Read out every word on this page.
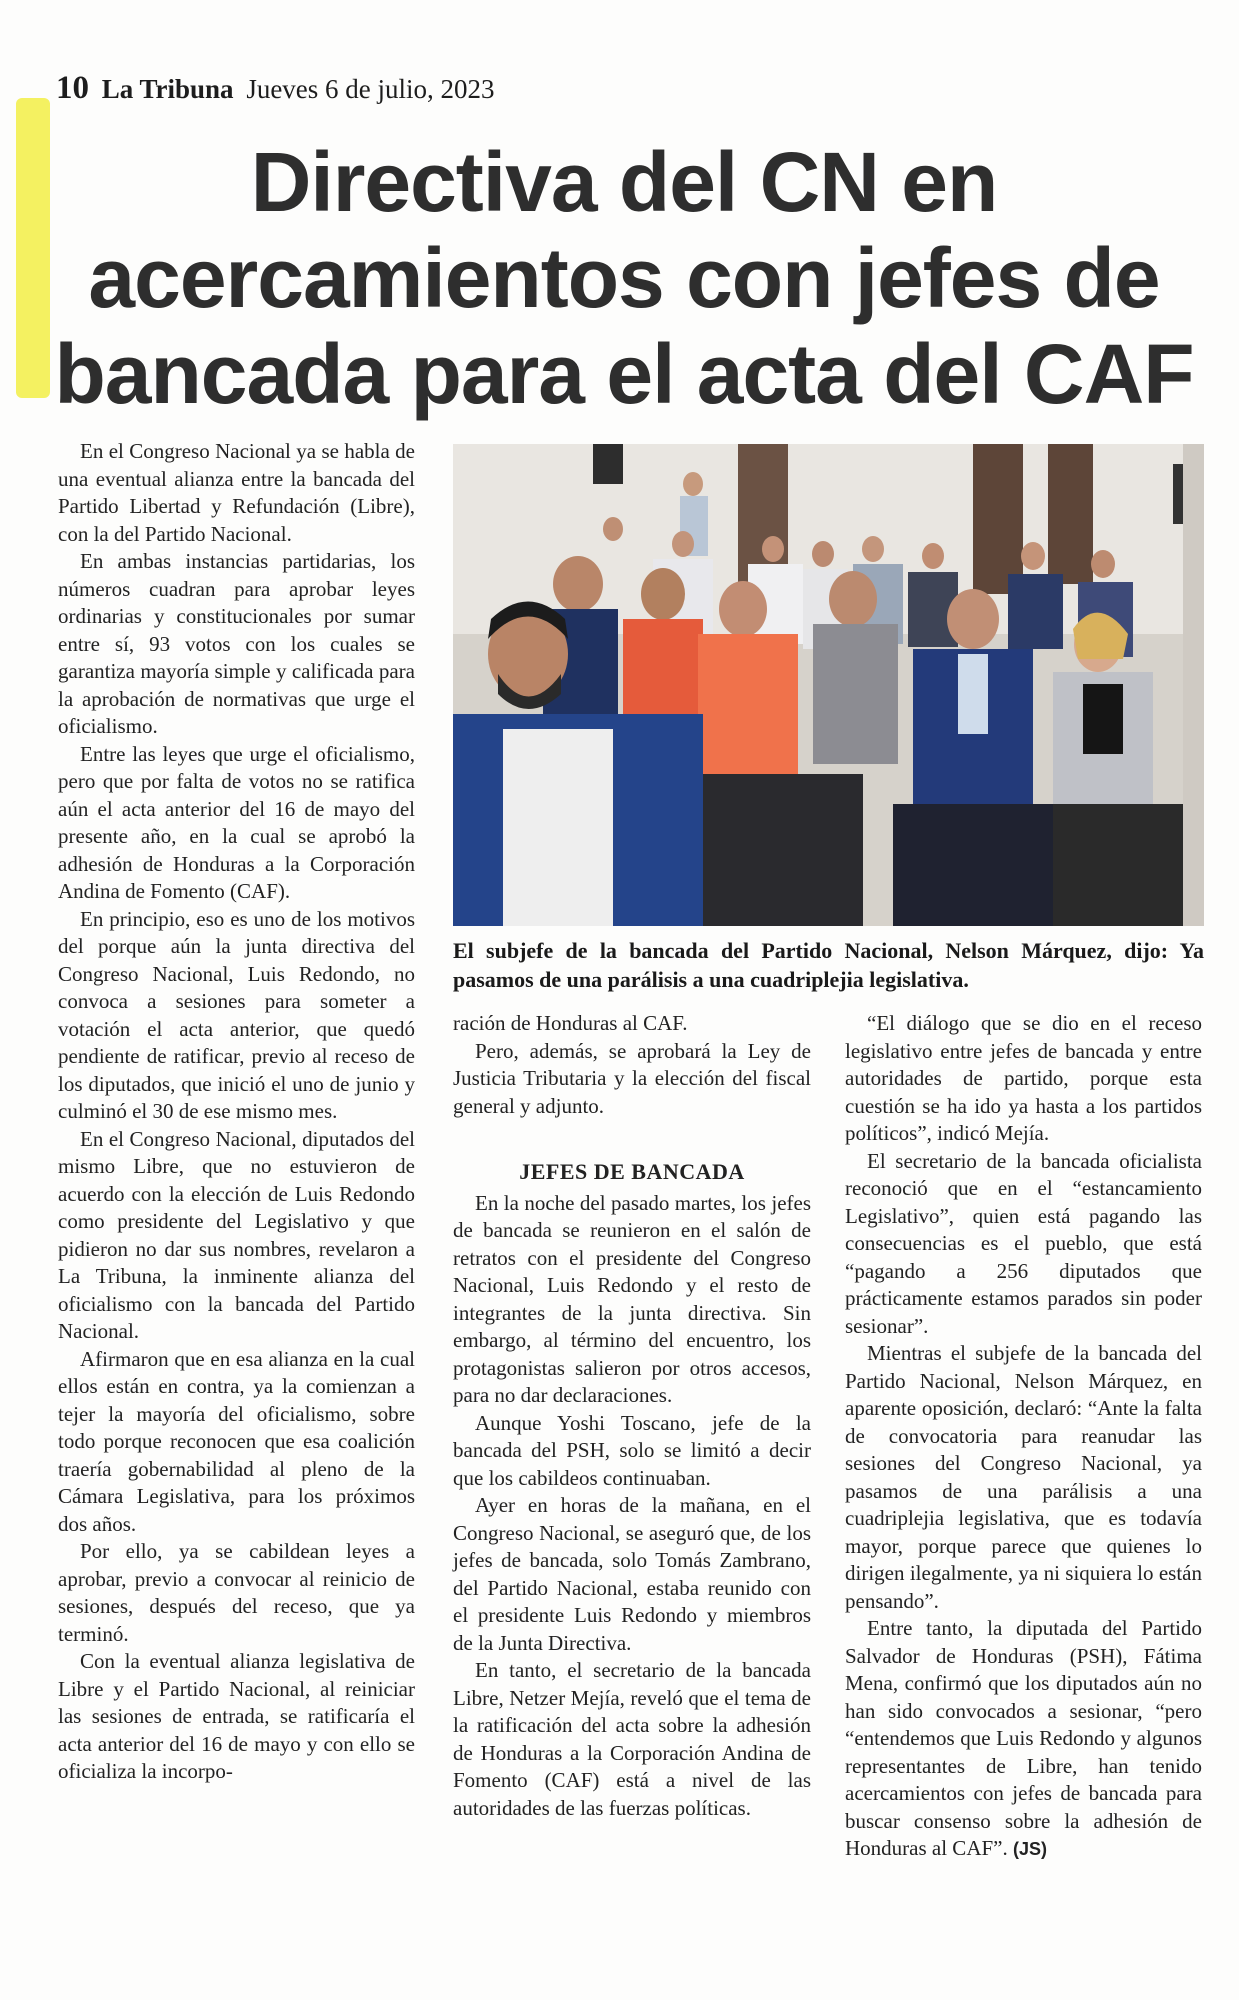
10 La Tribuna Jueves 6 de julio, 2023
Directiva del CN en acercamientos con jefes de bancada para el acta del CAF

En el Congreso Nacional ya se habla de una eventual alianza entre la bancada del Partido Libertad y Refundación (Libre), con la del Partido Nacional.

En ambas instancias partidarias, los números cuadran para aprobar leyes ordinarias y constitucionales por sumar entre sí, 93 votos con los cuales se garantiza mayoría simple y calificada para la aprobación de normativas que urge el oficialismo.

Entre las leyes que urge el oficialismo, pero que por falta de votos no se ratifica aún el acta anterior del 16 de mayo del presente año, en la cual se aprobó la adhesión de Honduras a la Corporación Andina de Fomento (CAF).

En principio, eso es uno de los motivos del porque aún la junta directiva del Congreso Nacional, Luis Redondo, no convoca a sesiones para someter a votación el acta anterior, que quedó pendiente de ratificar, previo al receso de los diputados, que inició el uno de junio y culminó el 30 de ese mismo mes.

En el Congreso Nacional, diputados del mismo Libre, que no estuvieron de acuerdo con la elección de Luis Redondo como presidente del Legislativo y que pidieron no dar sus nombres, revelaron a La Tribuna, la inminente alianza del oficialismo con la bancada del Partido Nacional.

Afirmaron que en esa alianza en la cual ellos están en contra, ya la comienzan a tejer la mayoría del oficialismo, sobre todo porque reconocen que esa coalición traería gobernabilidad al pleno de la Cámara Legislativa, para los próximos dos años.

Por ello, ya se cabildean leyes a aprobar, previo a convocar al reinicio de sesiones, después del receso, que ya terminó.

Con la eventual alianza legislativa de Libre y el Partido Nacional, al reiniciar las sesiones de entrada, se ratificaría el acta anterior del 16 de mayo y con ello se oficializa la incorpo-

El subjefe de la bancada del Partido Nacional, Nelson Márquez, dijo: Ya pasamos de una parálisis a una cuadriplejia legislativa.

ración de Honduras al CAF.

Pero, además, se aprobará la Ley de Justicia Tributaria y la elección del fiscal general y adjunto.

JEFES DE BANCADA

En la noche del pasado martes, los jefes de bancada se reunieron en el salón de retratos con el presidente del Congreso Nacional, Luis Redondo y el resto de integrantes de la junta directiva. Sin embargo, al término del encuentro, los protagonistas salieron por otros accesos, para no dar declaraciones.

Aunque Yoshi Toscano, jefe de la bancada del PSH, solo se limitó a decir que los cabildeos continuaban.

Ayer en horas de la mañana, en el Congreso Nacional, se aseguró que, de los jefes de bancada, solo Tomás Zambrano, del Partido Nacional, estaba reunido con el presidente Luis Redondo y miembros de la Junta Directiva.

En tanto, el secretario de la bancada Libre, Netzer Mejía, reveló que el tema de la ratificación del acta sobre la adhesión de Honduras a la Corporación Andina de Fomento (CAF) está a nivel de las autoridades de las fuerzas políticas.

“El diálogo que se dio en el receso legislativo entre jefes de bancada y entre autoridades de partido, porque esta cuestión se ha ido ya hasta a los partidos políticos”, indicó Mejía.

El secretario de la bancada oficialista reconoció que en el “estancamiento Legislativo”, quien está pagando las consecuencias es el pueblo, que está “pagando a 256 diputados que prácticamente estamos parados sin poder sesionar”.

Mientras el subjefe de la bancada del Partido Nacional, Nelson Márquez, en aparente oposición, declaró: “Ante la falta de convocatoria para reanudar las sesiones del Congreso Nacional, ya pasamos de una parálisis a una cuadriplejia legislativa, que es todavía mayor, porque parece que quienes lo dirigen ilegalmente, ya ni siquiera lo están pensando”.

Entre tanto, la diputada del Partido Salvador de Honduras (PSH), Fátima Mena, confirmó que los diputados aún no han sido convocados a sesionar, “pero “entendemos que Luis Redondo y algunos representantes de Libre, han tenido acercamientos con jefes de bancada para buscar consenso sobre la adhesión de Honduras al CAF”. (JS)
